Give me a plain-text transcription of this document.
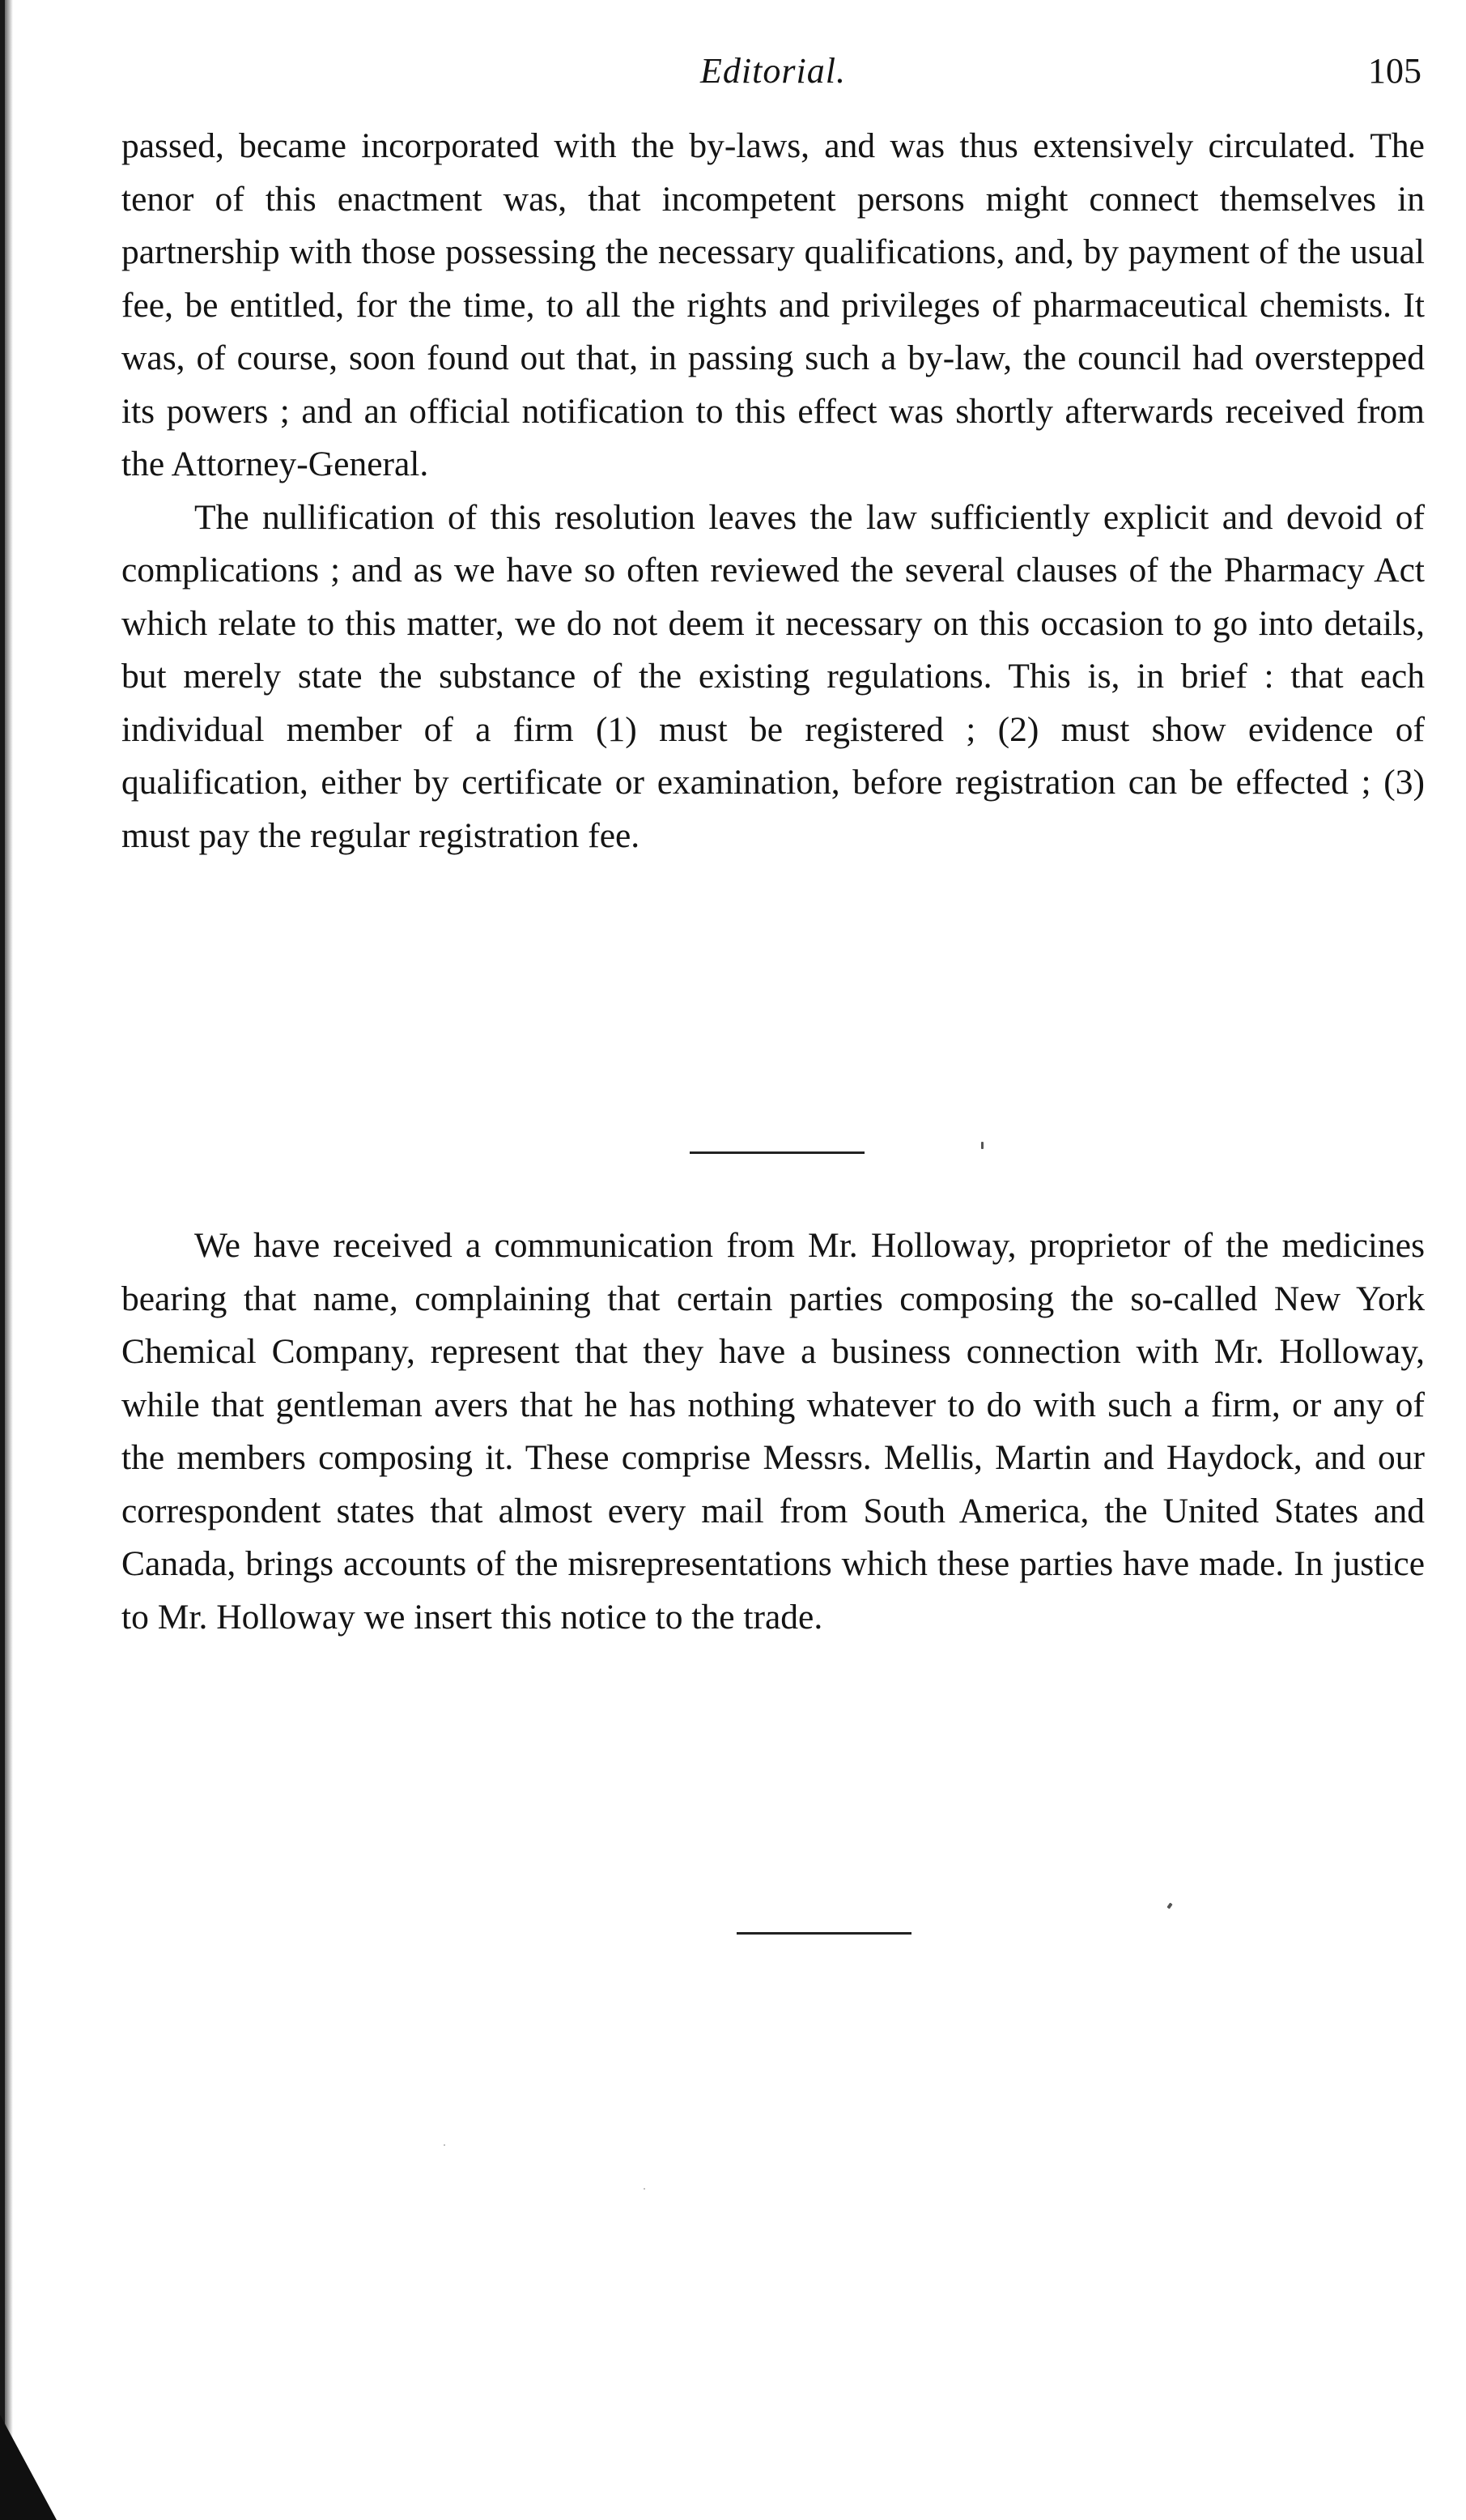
Editorial.	105

passed, became incorporated with the by-laws, and was thus extensively circulated. The tenor of this enactment was, that incompetent persons might connect themselves in partnership with those possessing the necessary qualifications, and, by payment of the usual fee, be entitled, for the time, to all the rights and privileges of pharmaceutical chemists. It was, of course, soon found out that, in passing such a by-law, the council had overstepped its powers ; and an official notification to this effect was shortly afterwards received from the Attorney-General.

The nullification of this resolution leaves the law sufficiently explicit and devoid of complications ; and as we have so often reviewed the several clauses of the Pharmacy Act which relate to this matter, we do not deem it necessary on this occasion to go into details, but merely state the substance of the existing regulations. This is, in brief : that each individual member of a firm (1) must be registered ; (2) must show evidence of qualification, either by certificate or examination, before registration can be effected ; (3) must pay the regular registration fee.

We have received a communication from Mr. Holloway, proprietor of the medicines bearing that name, complaining that certain parties composing the so-called New York Chemical Company, represent that they have a business connection with Mr. Holloway, while that gentleman avers that he has nothing whatever to do with such a firm, or any of the members composing it. These comprise Messrs. Mellis, Martin and Haydock, and our correspondent states that almost every mail from South America, the United States and Canada, brings accounts of the misrepresentations which these parties have made. In justice to Mr. Holloway we insert this notice to the trade.
